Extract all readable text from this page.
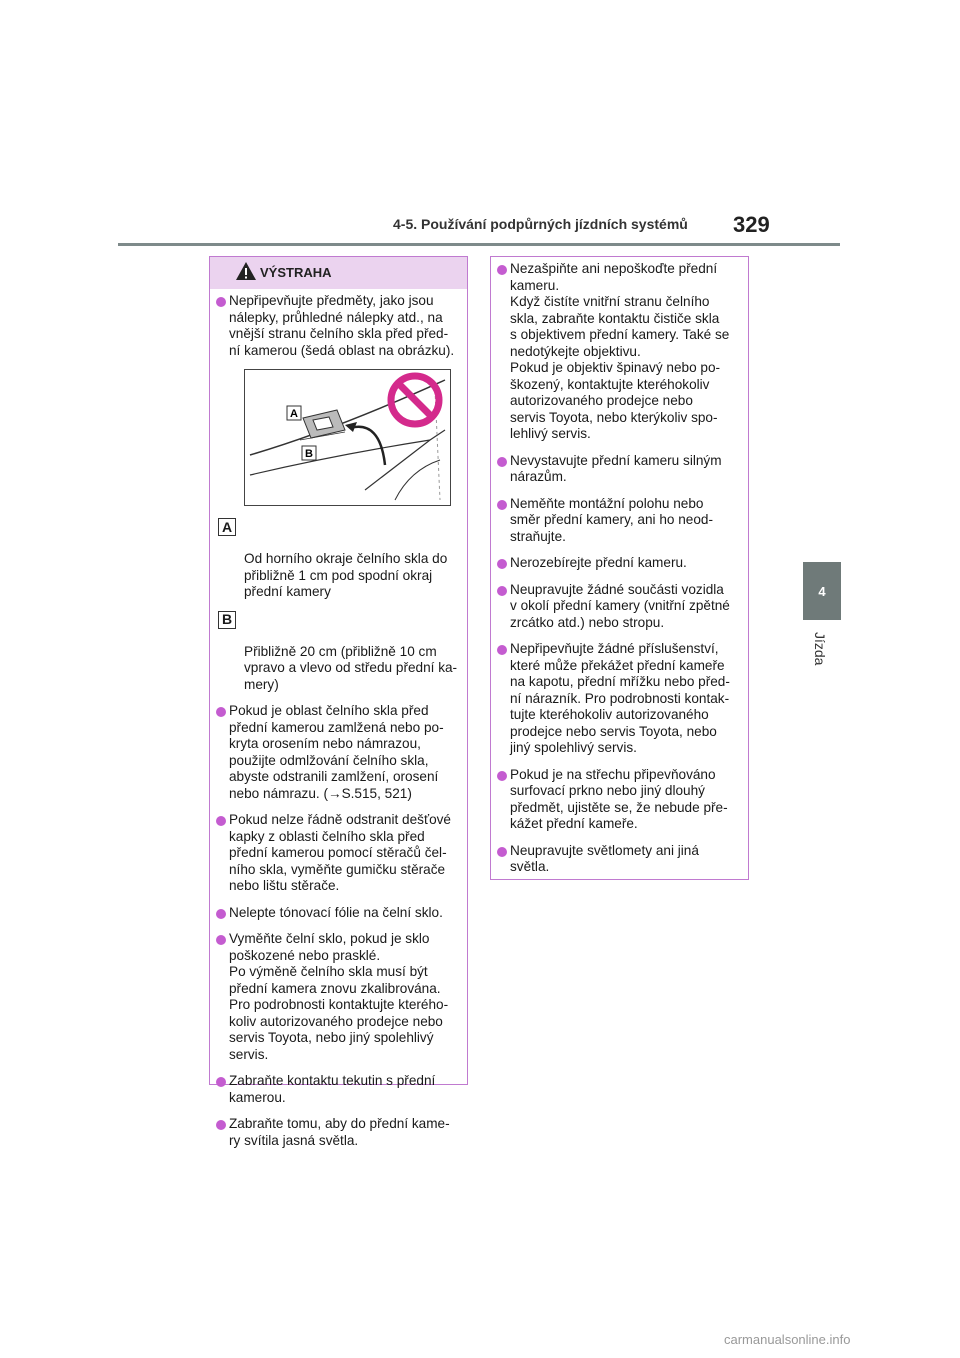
4-5. Používání podpůrných jízdních systémů 329
4
Jízda
VÝSTRAHA
Nepřipevňujte předměty, jako jsou
nálepky, průhledné nálepky atd., na
vnější stranu čelního skla před před-
ní kamerou (šedá oblast na obrázku).
A
B

A

Od horního okraje čelního skla do
přibližně 1 cm pod spodní okraj
přední kamery

B

Přibližně 20 cm (přibližně 10 cm
vpravo a vlevo od středu přední ka-
mery)

Pokud je oblast čelního skla před
přední kamerou zamlžená nebo po-
kryta orosením nebo námrazou,
použijte odmlžování čelního skla,
abyste odstranili zamlžení, orosení
nebo námrazu. (→S.515, 521)
Pokud nelze řádně odstranit dešťové
kapky z oblasti čelního skla před
přední kamerou pomocí stěračů čel-
ního skla, vyměňte gumičku stěrače
nebo lištu stěrače.
Nelepte tónovací fólie na čelní sklo.
Vyměňte čelní sklo, pokud je sklo
poškozené nebo prasklé.
Po výměně čelního skla musí být
přední kamera znovu zkalibrována.
Pro podrobnosti kontaktujte kterého-
koliv autorizovaného prodejce nebo
servis Toyota, nebo jiný spolehlivý
servis.
Zabraňte kontaktu tekutin s přední
kamerou.
Zabraňte tomu, aby do přední kame-
ry svítila jasná světla.
Nezašpiňte ani nepoškoďte přední
kameru.
Když čistíte vnitřní stranu čelního
skla, zabraňte kontaktu čističe skla
s objektivem přední kamery. Také se
nedotýkejte objektivu.
Pokud je objektiv špinavý nebo po-
škozený, kontaktujte kteréhokoliv
autorizovaného prodejce nebo
servis Toyota, nebo kterýkoliv spo-
lehlivý servis.
Nevystavujte přední kameru silným
nárazům.
Neměňte montážní polohu nebo
směr přední kamery, ani ho neod-
straňujte.
Nerozebírejte přední kameru.
Neupravujte žádné součásti vozidla
v okolí přední kamery (vnitřní zpětné
zrcátko atd.) nebo stropu.
Nepřipevňujte žádné příslušenství,
které může překážet přední kameře
na kapotu, přední mřížku nebo před-
ní nárazník. Pro podrobnosti kontak-
tujte kteréhokoliv autorizovaného
prodejce nebo servis Toyota, nebo
jiný spolehlivý servis.
Pokud je na střechu připevňováno
surfovací prkno nebo jiný dlouhý
předmět, ujistěte se, že nebude pře-
kážet přední kameře.
Neupravujte světlomety ani jiná
světla.
carmanualsonline.info
